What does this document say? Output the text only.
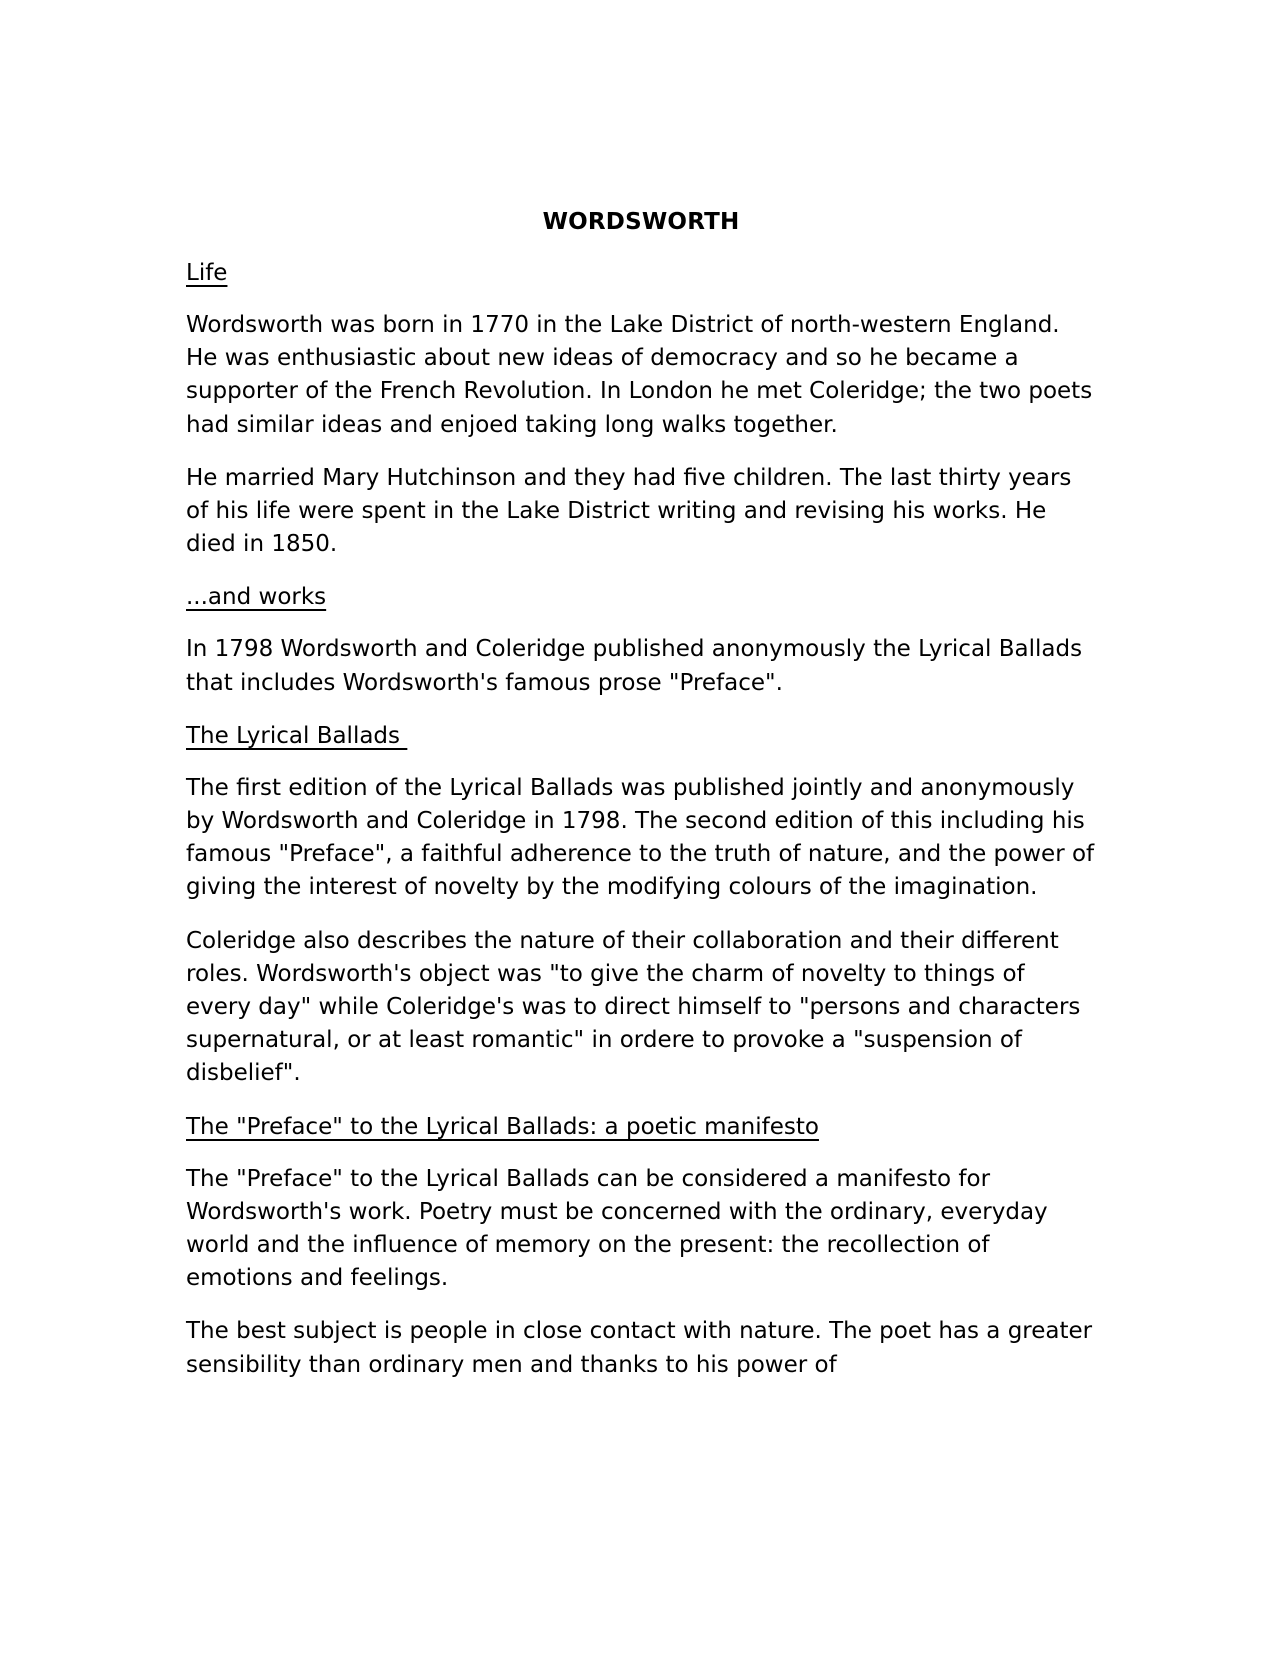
WORDSWORTH
Life

Wordsworth was born in 1770 in the Lake District of north-western England. He was enthusiastic about new ideas of democracy and so he became a supporter of the French Revolution. In London he met Coleridge; the two poets had similar ideas and enjoed taking long walks together.

He married Mary Hutchinson and they had five children. The last thirty years of his life were spent in the Lake District writing and revising his works. He died in 1850.

...and works

In 1798 Wordsworth and Coleridge published anonymously the Lyrical Ballads that includes Wordsworth's famous prose "Preface".

The Lyrical Ballads

The first edition of the Lyrical Ballads was published jointly and anonymously by Wordsworth and Coleridge in 1798. The second edition of this including his famous "Preface", a faithful adherence to the truth of nature, and the power of giving the interest of novelty by the modifying colours of the imagination.

Coleridge also describes the nature of their collaboration and their different roles. Wordsworth's object was "to give the charm of novelty to things of every day" while Coleridge's was to direct himself to "persons and characters supernatural, or at least romantic" in ordere to provoke a "suspension of disbelief".

The "Preface" to the Lyrical Ballads: a poetic manifesto

The "Preface" to the Lyrical Ballads can be considered a manifesto for Wordsworth's work. Poetry must be concerned with the ordinary, everyday world and the influence of memory on the present: the recollection of emotions and feelings.

The best subject is people in close contact with nature. The poet has a greater sensibility than ordinary men and thanks to his power of
